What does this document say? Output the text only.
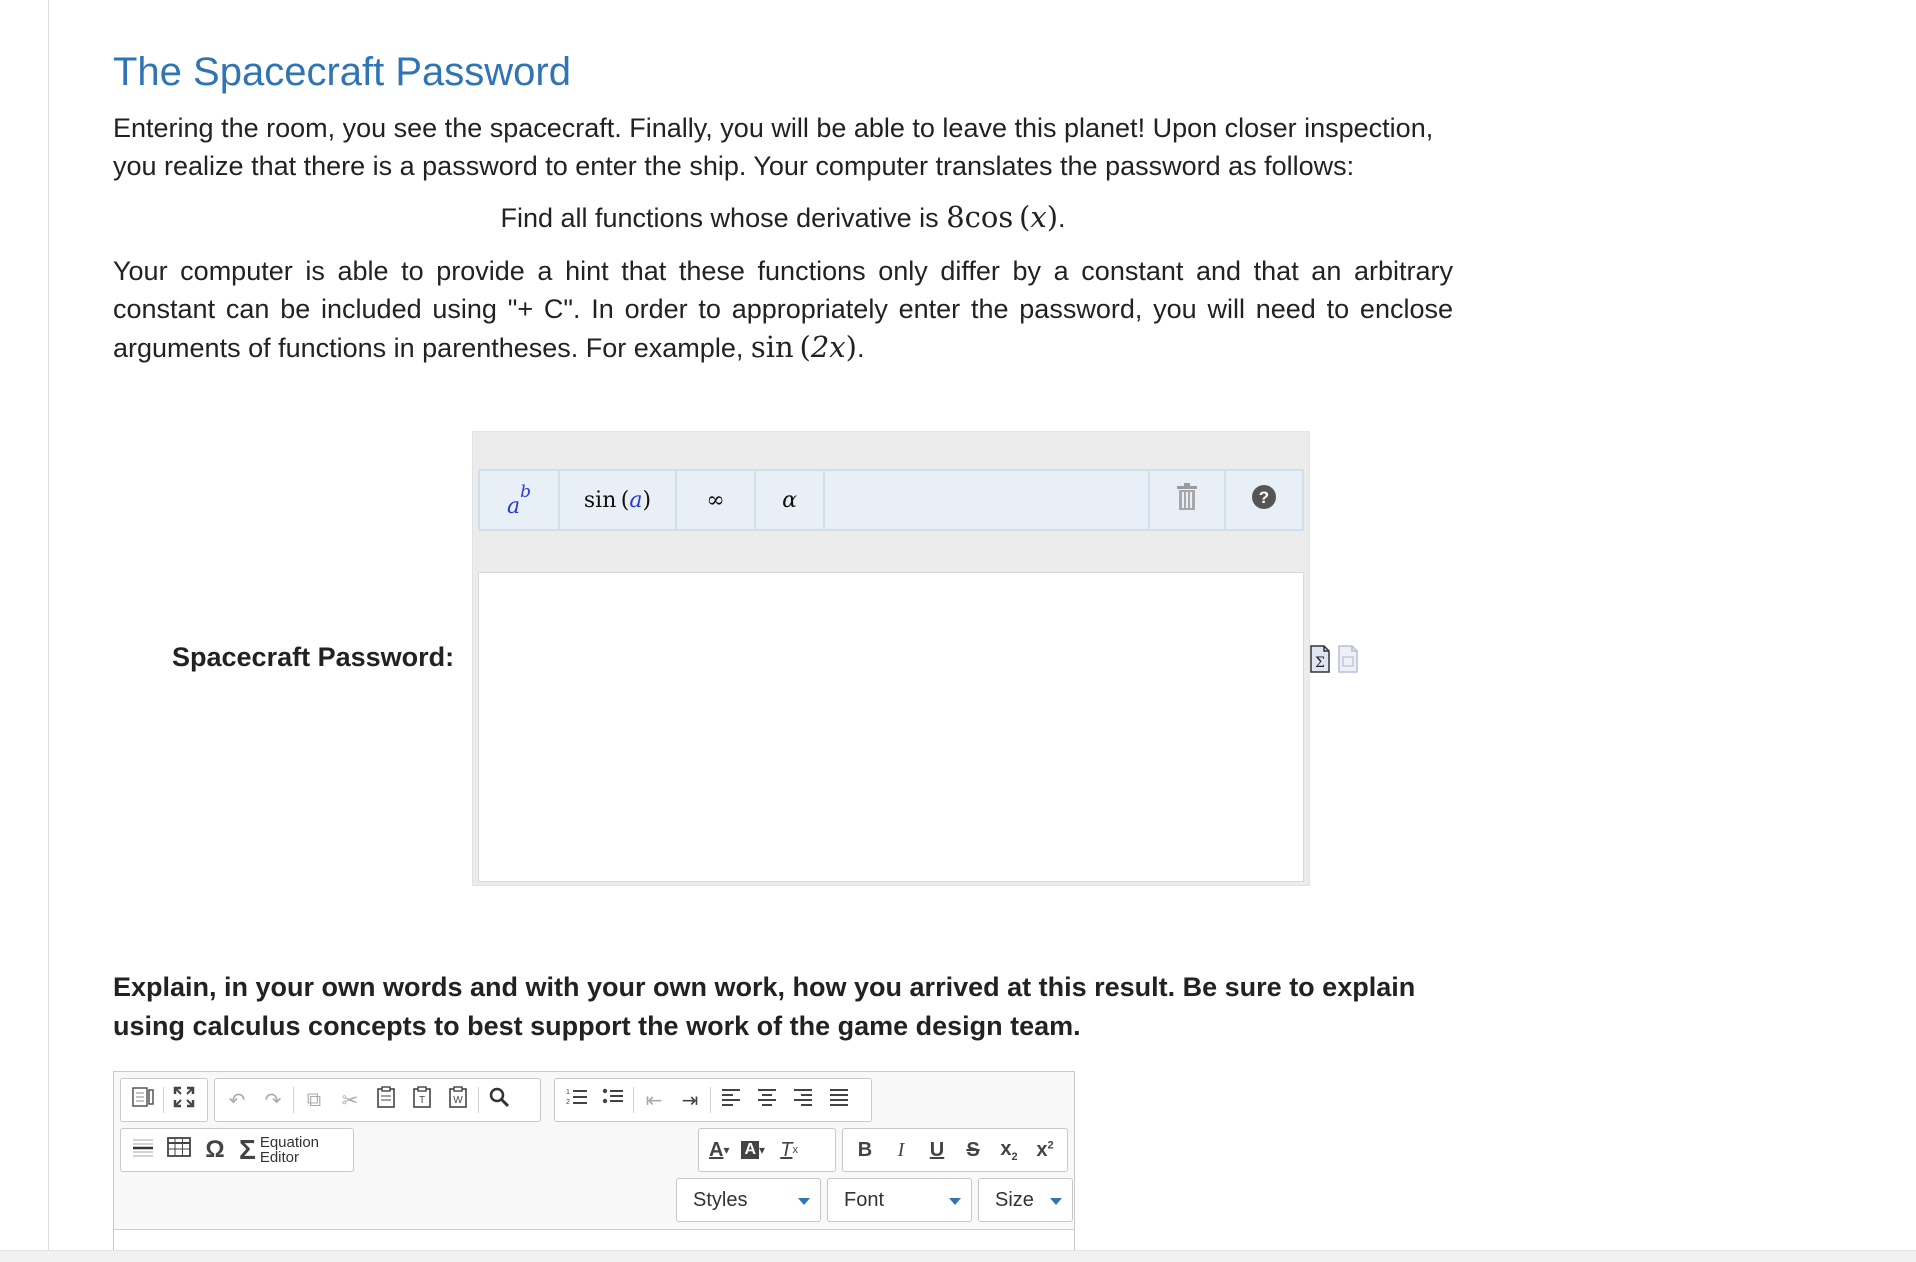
The Spacecraft Password

Entering the room, you see the spacecraft. Finally, you will be able to leave this planet! Upon closer inspection, you realize that there is a password to enter the ship. Your computer translates the password as follows:

Find all functions whose derivative is 8cos (x).

Your computer is able to provide a hint that these functions only differ by a constant and that an arbitrary constant can be included using "+ C". In order to appropriately enter the password, you will need to enclose arguments of functions in parentheses. For example, sin (2x).

Spacecraft Password:
a
b sin  ( a )	∞	α	?
Σ

Explain, in your own words and with your own work, how you arrived at this result. Be sure to explain using calculus concepts to best support the work of the game design team.

↶ ↷ ⧉ ✂	T	W
1
2	⇤ ⇥
Ω Σ Equation
Editor	A ▾ A ▾ T x	B I U S $x_2$ $x^2$
Styles	Font	Size
